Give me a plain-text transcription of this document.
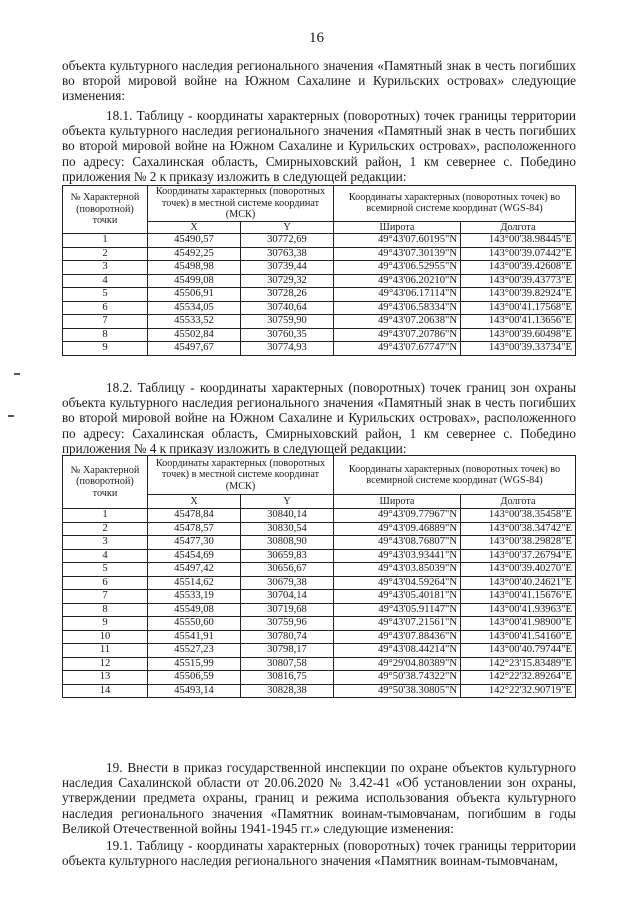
16
объекта культурного наследия регионального значения «Памятный знак в честь погибших во второй мировой войне на Южном Сахалине и Курильских островах» следующие изменения:
18.1. Таблицу - координаты характерных (поворотных) точек границы территории объекта культурного наследия регионального значения «Памятный знак в честь погибших во второй мировой войне на Южном Сахалине и Курильских островах», расположенного по адресу: Сахалинская область, Смирныховский район, 1 км севернее с. Победино приложения № 2 к приказу изложить в следующей редакции:
№ Характерной (поворотной) точки	Координаты характерных (поворотных точек) в местной системе координат (МСК)		Координаты характерных (поворотных точек) во всемирной системе координат (WGS-84)	
	X	Y	Широта	Долгота
1	45490,57	30772,69	49°43'07.60195"N	143°00'38.98445"E
2	45492,25	30763,38	49°43'07.30139"N	143°00'39.07442"E
3	45498,98	30739,44	49°43'06.52955"N	143°00'39.42608"E
4	45499,08	30729,32	49°43'06.20210"N	143°00'39.43773"E
5	45506,91	30728,26	49°43'06.17114"N	143°00'39.82924"E
6	45534,05	30740,64	49°43'06.58334"N	143°00'41.17568"E
7	45533,52	30759,90	49°43'07.20638"N	143°00'41.13656"E
8	45502,84	30760,35	49°43'07.20786"N	143°00'39.60498"E
9	45497,67	30774,93	49°43'07.67747"N	143°00'39.33734"E
18.2. Таблицу - координаты характерных (поворотных) точек границ зон охраны объекта культурного наследия регионального значения «Памятный знак в честь погибших во второй мировой войне на Южном Сахалине и Курильских островах», расположенного по адресу: Сахалинская область, Смирныховский район, 1 км севернее с. Победино приложения № 4 к приказу изложить в следующей редакции:
№ Характерной (поворотной) точки	Координаты характерных (поворотных точек) в местной системе координат (МСК)		Координаты характерных (поворотных точек) во всемирной системе координат (WGS-84)	
	X	Y	Широта	Долгота
1	45478,84	30840,14	49°43'09.77967"N	143°00'38.35458"E
2	45478,57	30830,54	49°43'09.46889"N	143°00'38.34742"E
3	45477,30	30808,90	49°43'08.76807"N	143°00'38.29828"E
4	45454,69	30659,83	49°43'03.93441"N	143°00'37.26794"E
5	45497,42	30656,67	49°43'03.85039"N	143°00'39.40270"E
6	45514,62	30679,38	49°43'04.59264"N	143°00'40.24621"E
7	45533,19	30704,14	49°43'05.40181"N	143°00'41.15676"E
8	45549,08	30719,68	49°43'05.91147"N	143°00'41.93963"E
9	45550,60	30759,96	49°43'07.21561"N	143°00'41.98900"E
10	45541,91	30780,74	49°43'07.88436"N	143°00'41.54160"E
11	45527,23	30798,17	49°43'08.44214"N	143°00'40.79744"E
12	45515,99	30807,58	49°29'04.80389"N	142°23'15.83489"E
13	45506,59	30816,75	49°50'38.74322"N	142°22'32.89264"E
14	45493,14	30828,38	49°50'38.30805"N	142°22'32.90719"E
19. Внести в приказ государственной инспекции по охране объектов культурного наследия Сахалинской области от 20.06.2020 № 3.42-41 «Об установлении зон охраны, утверждении предмета охраны, границ и режима использования объекта культурного наследия регионального значения «Памятник воинам-тымовчанам, погибшим в годы Великой Отечественной войны 1941-1945 гг.» следующие изменения:
19.1. Таблицу - координаты характерных (поворотных) точек границы территории объекта культурного наследия регионального значения «Памятник воинам-тымовчанам,
